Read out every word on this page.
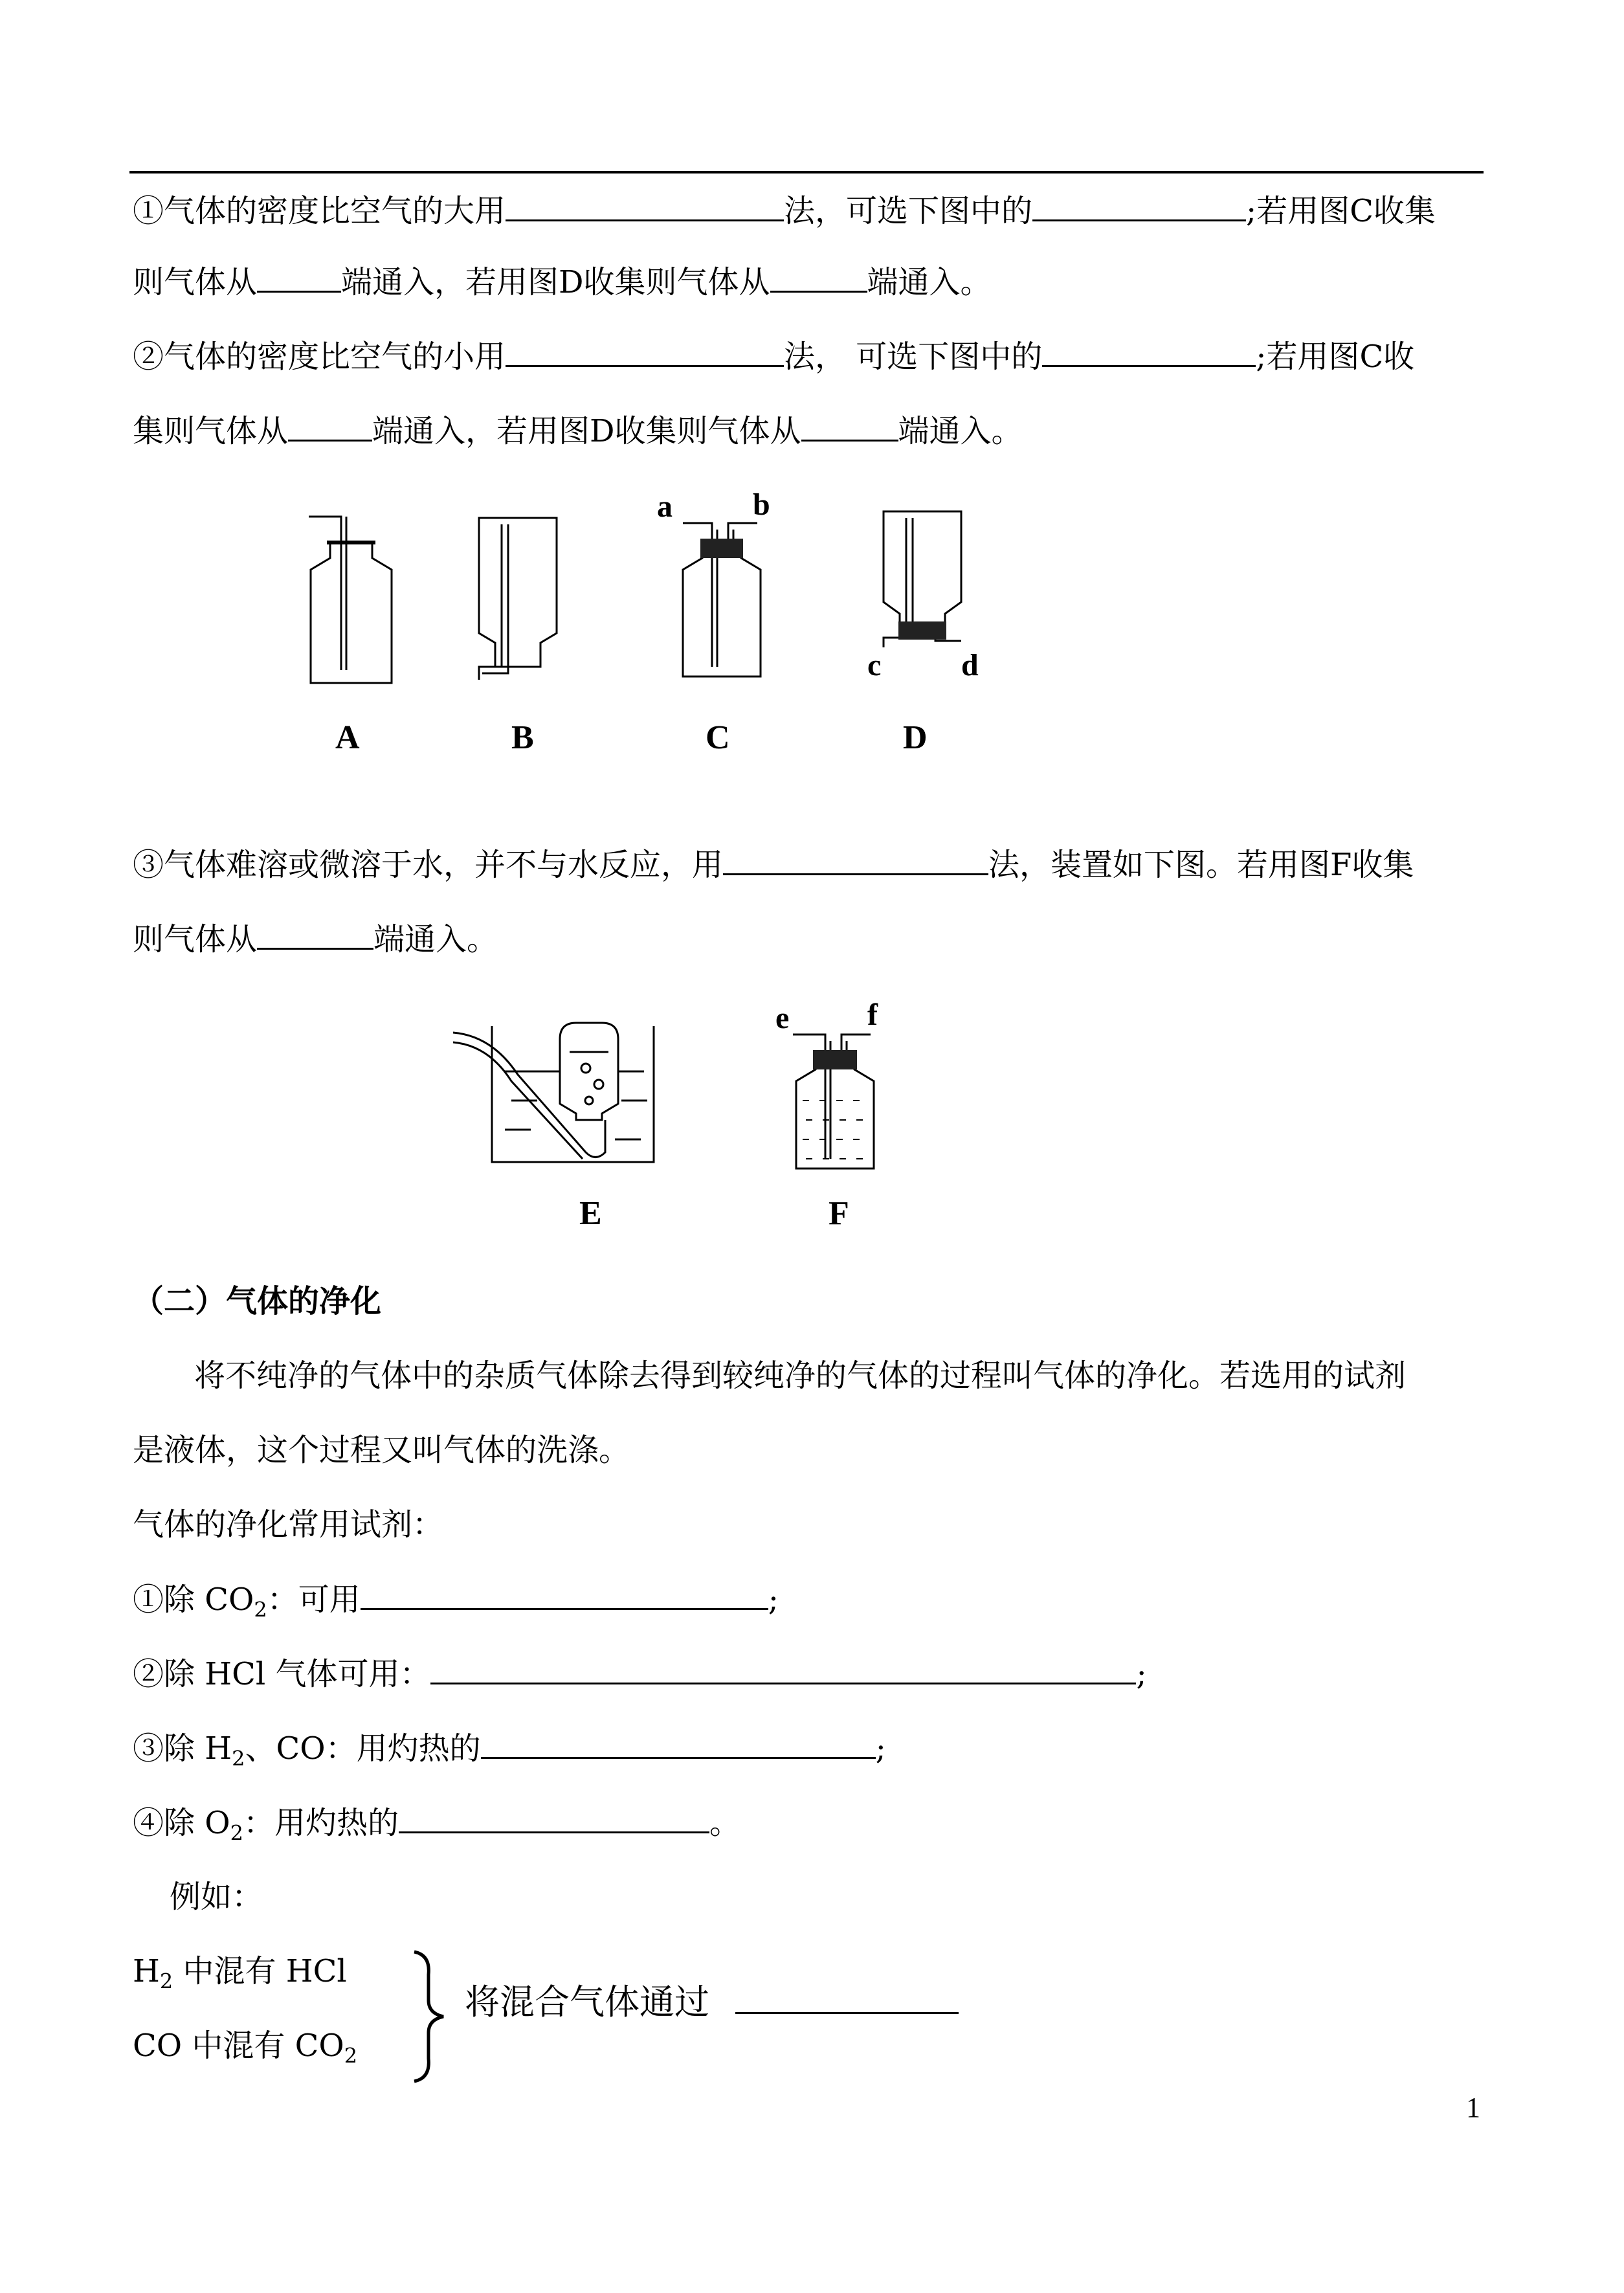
①气体的密度比空气的大用	法，可选下图中的	;若用图C收集
则气体从	端通入，若用图D收集则气体从	端通入。
②气体的密度比空气的小用	法， 可选下图中的	;若用图C收
集则气体从	端通入，若用图D收集则气体从	端通入。
A	B	C	D
E	F
a	b
c	d
e	f
③气体难溶或微溶于水，并不与水反应，用	法，装置如下图。若用图F收集
则气体从	端通入。
（二）气体的净化
将不纯净的气体中的杂质气体除去得到较纯净的气体的过程叫气体的净化。若选用的试剂
是液体，这个过程又叫气体的洗涤。
气体的净化常用试剂：
①除 $CO_2$：可用	;
②除 HCl 气体可用：	;
③除 $H_2$、CO：用灼热的	;
④除 $O_2$：用灼热的	。
例如：
$H_2$ 中混有 HCl
CO 中混有 $CO_2$
将混合气体通过
1
